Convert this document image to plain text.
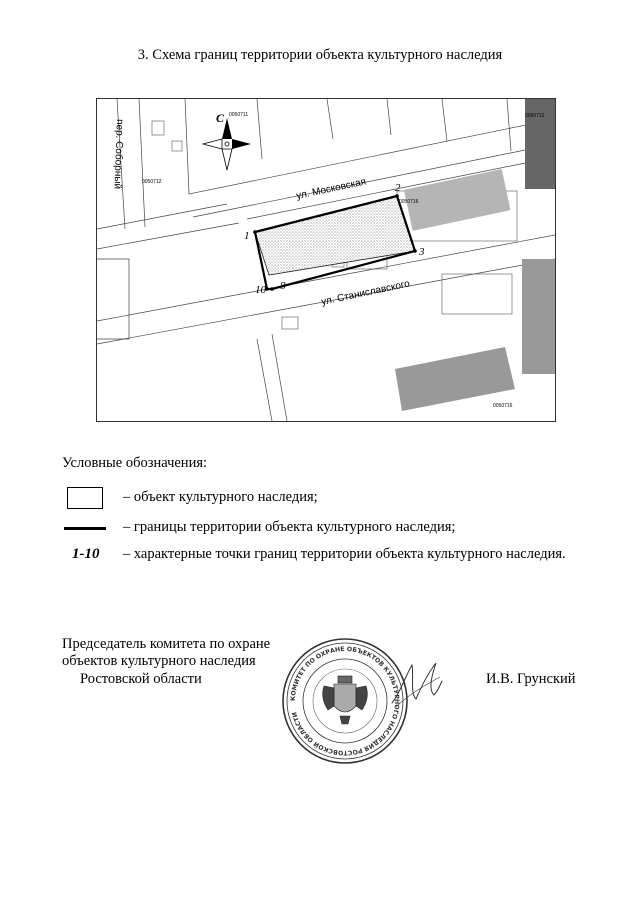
3. Схема границ территории объекта культурного наследия
1
2
3
8
10
ул. Московская
ул. Станиславского
пер. Соборный
0050711	0050712
0050712
0050716
0050716
С
Условные обозначения:
– объект культурного наследия;
– границы территории объекта культурного наследия;
1-10 – характерные точки границ территории объекта культурного наследия.
Председатель комитета по охране
объектов культурного наследия
Ростовской области	И.В. Грунский
КОМИТЕТ ПО ОХРАНЕ ОБЪЕКТОВ КУЛЬТУРНОГО НАСЛЕДИЯ РОСТОВСКОЙ ОБЛАСТИ
